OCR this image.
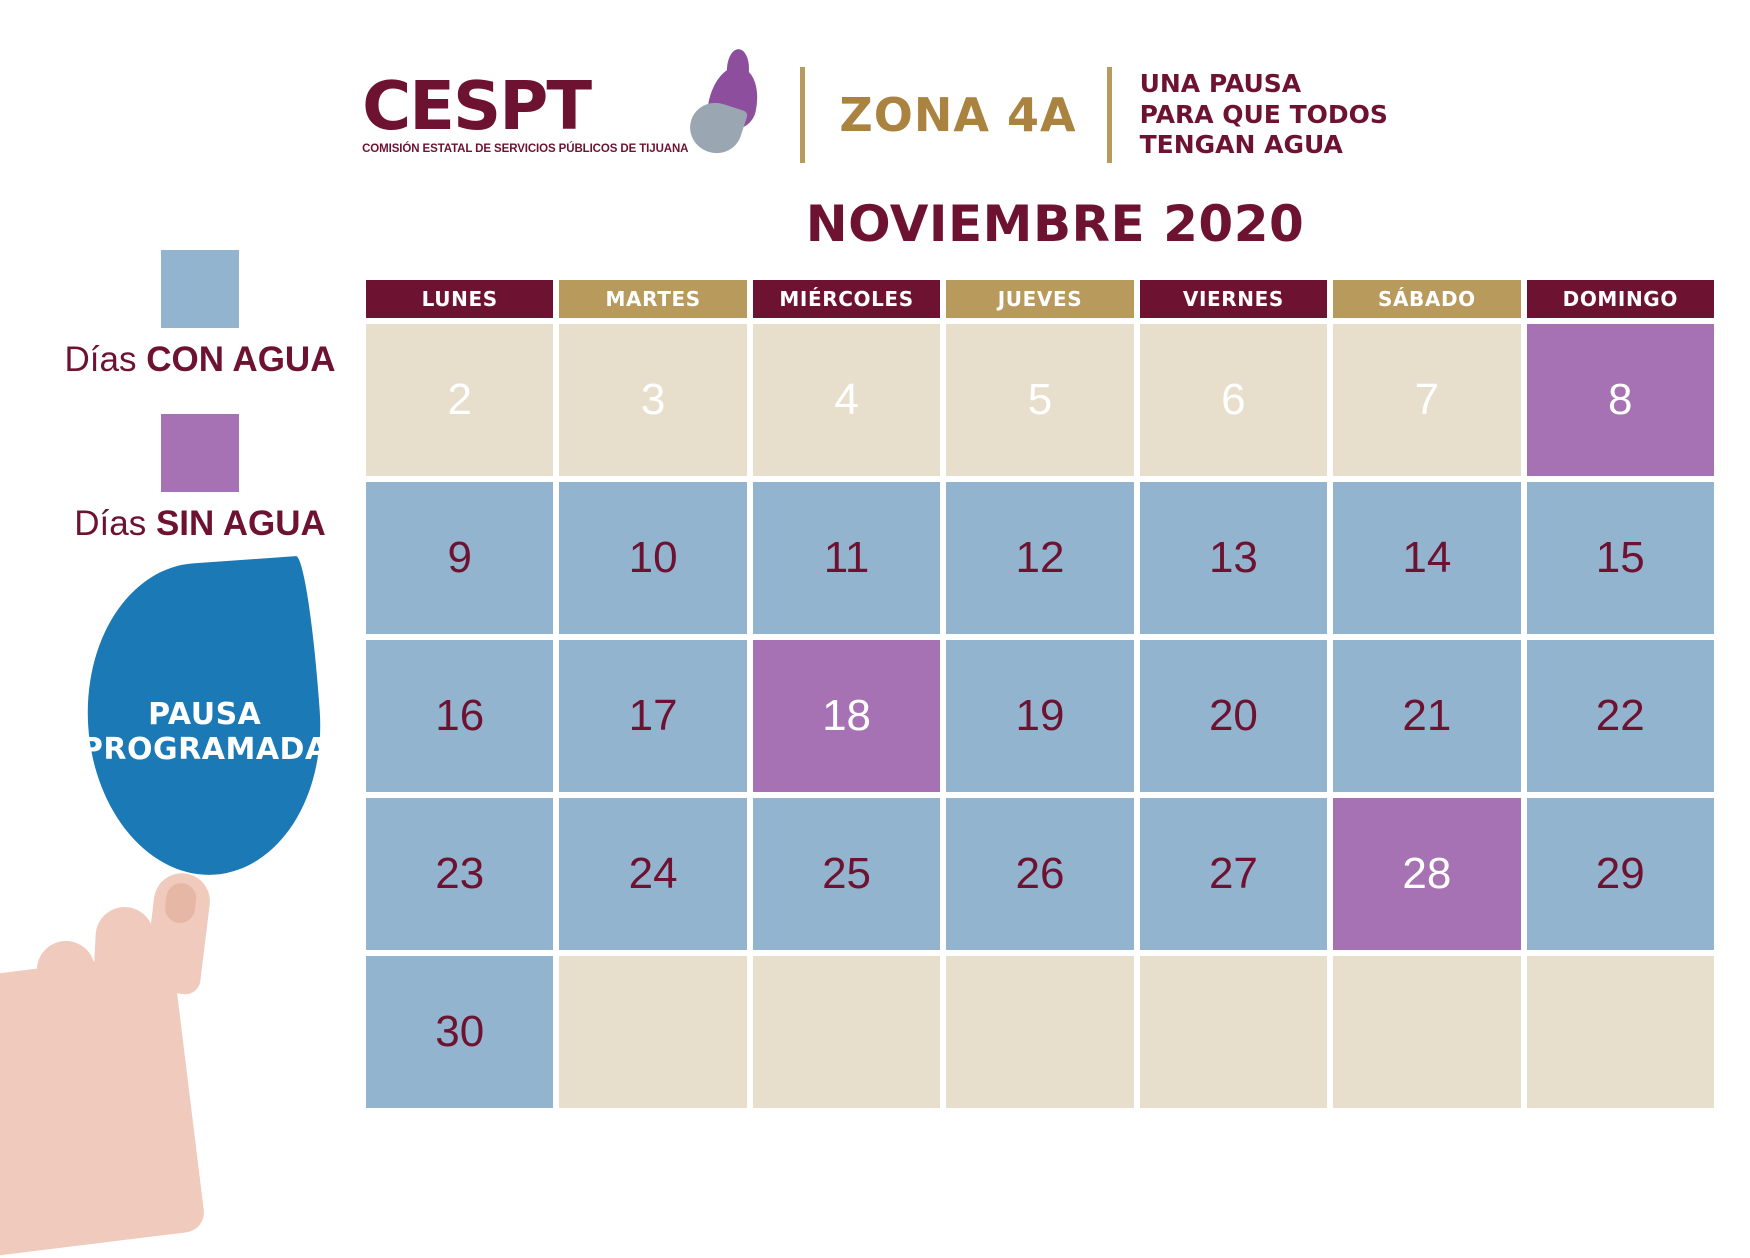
CESPT
COMISIÓN ESTATAL DE SERVICIOS PÚBLICOS DE TIJUANA
ZONA 4A
UNA PAUSA
PARA QUE TODOS
TENGAN AGUA
NOVIEMBRE 2020
Días CON AGUA
Días SIN AGUA
PAUSA
PROGRAMADA
LUNES	MARTES	MIÉRCOLES	JUEVES	VIERNES	SÁBADO	DOMINGO
2	3	4	5	6	7	8
9	10	11	12	13	14	15
16	17	18	19	20	21	22
23	24	25	26	27	28	29
30
